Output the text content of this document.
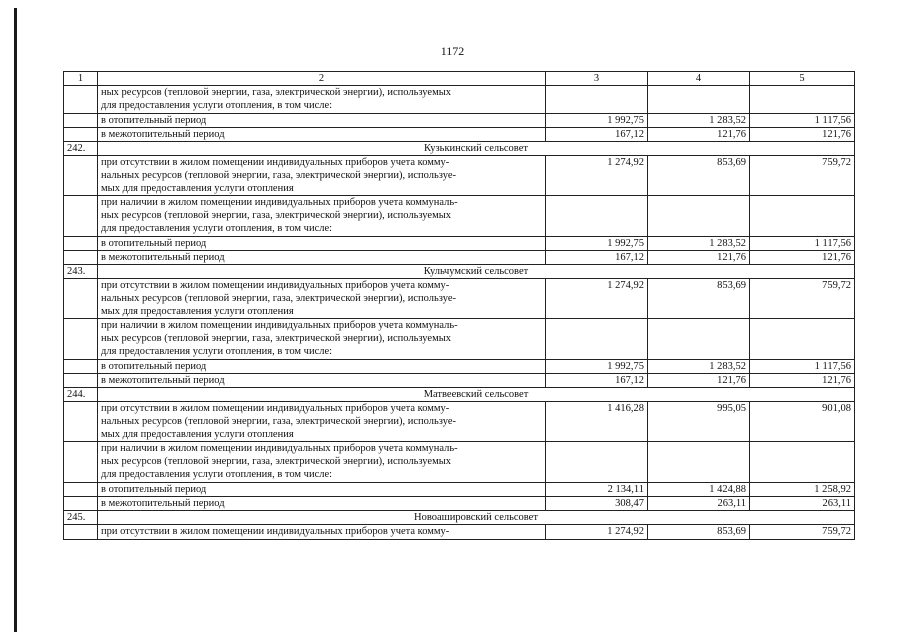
1172
1	2	3	4	5

	ных ресурсов (тепловой энергии, газа, электрической энергии), используемых
для предоставления услуги отопления, в том числе:			

	в отопительный период	1 992,75	1 283,52	1 117,56
	в межотопительный период	167,12	121,76	121,76
242.	Кузькинский сельсовет			

	при отсутствии в жилом помещении индивидуальных приборов учета комму-
нальных ресурсов (тепловой энергии, газа, электрической энергии), используе-
мых для предоставления услуги отопления	1 274,92	853,69	759,72

	при наличии в жилом помещении индивидуальных приборов учета коммуналь-
ных ресурсов (тепловой энергии, газа, электрической энергии), используемых
для предоставления услуги отопления, в том числе:			

	в отопительный период	1 992,75	1 283,52	1 117,56
	в межотопительный период	167,12	121,76	121,76
243.	Кульчумский сельсовет			

	при отсутствии в жилом помещении индивидуальных приборов учета комму-
нальных ресурсов (тепловой энергии, газа, электрической энергии), используе-
мых для предоставления услуги отопления	1 274,92	853,69	759,72

	при наличии в жилом помещении индивидуальных приборов учета коммуналь-
ных ресурсов (тепловой энергии, газа, электрической энергии), используемых
для предоставления услуги отопления, в том числе:			

	в отопительный период	1 992,75	1 283,52	1 117,56
	в межотопительный период	167,12	121,76	121,76
244.	Матвеевский сельсовет			

	при отсутствии в жилом помещении индивидуальных приборов учета комму-
нальных ресурсов (тепловой энергии, газа, электрической энергии), используе-
мых для предоставления услуги отопления	1 416,28	995,05	901,08

	при наличии в жилом помещении индивидуальных приборов учета коммуналь-
ных ресурсов (тепловой энергии, газа, электрической энергии), используемых
для предоставления услуги отопления, в том числе:			

	в отопительный период	2 134,11	1 424,88	1 258,92
	в межотопительный период	308,47	263,11	263,11
245.	Новоашировский сельсовет			
	при отсутствии в жилом помещении индивидуальных приборов учета комму-	1 274,92	853,69	759,72
